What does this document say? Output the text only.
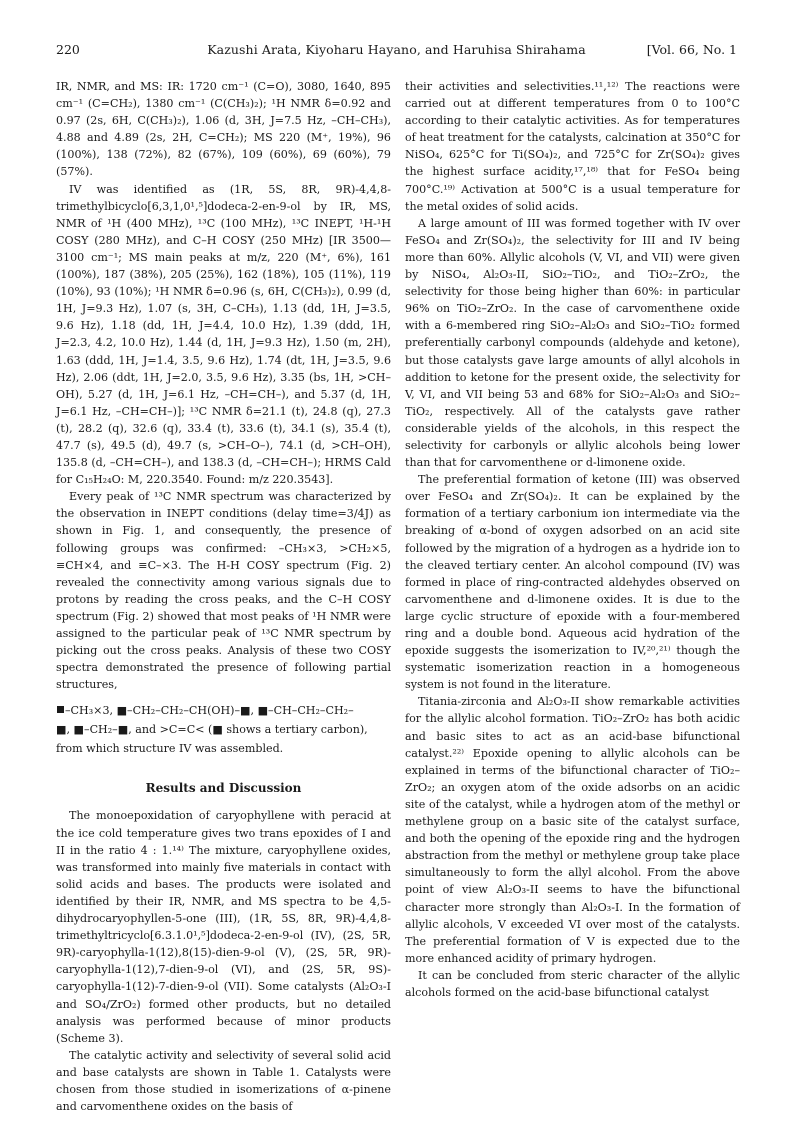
220	Kazushi Arata, Kiyoharu Hayano, and Haruhisa Shirahama	[Vol. 66, No. 1

IR, NMR, and MS: IR: 1720 cm⁻¹ (C=O), 3080, 1640, 895 cm⁻¹ (C=CH₂), 1380 cm⁻¹ (C(CH₃)₂); ¹H NMR δ=0.92 and 0.97 (2s, 6H, C(CH₃)₂), 1.06 (d, 3H, J=7.5 Hz, –CH–CH₃), 4.88 and 4.89 (2s, 2H, C=CH₂); MS 220 (M⁺, 19%), 96 (100%), 138 (72%), 82 (67%), 109 (60%), 69 (60%), 79 (57%).

IV was identified as (1R, 5S, 8R, 9R)-4,4,8-trimethylbicyclo[6,3,1,0¹,⁵]dodeca-2-en-9-ol by IR, MS, NMR of ¹H (400 MHz), ¹³C (100 MHz), ¹³C INEPT, ¹H-¹H COSY (280 MHz), and C–H COSY (250 MHz) [IR 3500—3100 cm⁻¹; MS main peaks at m/z, 220 (M⁺, 6%), 161 (100%), 187 (38%), 205 (25%), 162 (18%), 105 (11%), 119 (10%), 93 (10%); ¹H NMR δ=0.96 (s, 6H, C(CH₃)₂), 0.99 (d, 1H, J=9.3 Hz), 1.07 (s, 3H, C–CH₃), 1.13 (dd, 1H, J=3.5, 9.6 Hz), 1.18 (dd, 1H, J=4.4, 10.0 Hz), 1.39 (ddd, 1H, J=2.3, 4.2, 10.0 Hz), 1.44 (d, 1H, J=9.3 Hz), 1.50 (m, 2H), 1.63 (ddd, 1H, J=1.4, 3.5, 9.6 Hz), 1.74 (dt, 1H, J=3.5, 9.6 Hz), 2.06 (ddt, 1H, J=2.0, 3.5, 9.6 Hz), 3.35 (bs, 1H, >CH–OH), 5.27 (d, 1H, J=6.1 Hz, –CH=CH–), and 5.37 (d, 1H, J=6.1 Hz, –CH=CH–)]; ¹³C NMR δ=21.1 (t), 24.8 (q), 27.3 (t), 28.2 (q), 32.6 (q), 33.4 (t), 33.6 (t), 34.1 (s), 35.4 (t), 47.7 (s), 49.5 (d), 49.7 (s, >CH–O–), 74.1 (d, >CH–OH), 135.8 (d, –CH=CH–), and 138.3 (d, –CH=CH–); HRMS Cald for C₁₅H₂₄O: M, 220.3540. Found: m/z 220.3543].

Every peak of ¹³C NMR spectrum was characterized by the observation in INEPT conditions (delay time=3/4J) as shown in Fig. 1, and consequently, the presence of following groups was confirmed: –CH₃×3, >CH₂×5, ≡CH×4, and ≡C–×3. The H-H COSY spectrum (Fig. 2) revealed the connectivity among various signals due to protons by reading the cross peaks, and the C–H COSY spectrum (Fig. 2) showed that most peaks of ¹H NMR were assigned to the particular peak of ¹³C NMR spectrum by picking out the cross peaks. Analysis of these two COSY spectra demonstrated the presence of following partial structures,

–CH₃×3, ■–CH₂–CH₂–CH(OH)–■, ■–CH–CH₂–CH₂–
■, ■–CH₂–■, and >C=C< (■ shows a tertiary carbon),
from which structure IV was assembled.
Results and Discussion

The monoepoxidation of caryophyllene with peracid at the ice cold temperature gives two trans epoxides of I and II in the ratio 4 : 1.¹⁴⁾ The mixture, caryophyllene oxides, was transformed into mainly five materials in contact with solid acids and bases. The products were isolated and identified by their IR, NMR, and MS spectra to be 4,5-dihydrocaryophyllen-5-one (III), (1R, 5S, 8R, 9R)-4,4,8-trimethyltricyclo[6.3.1.0¹,⁵]dodeca-2-en-9-ol (IV), (2S, 5R, 9R)-caryophylla-1(12),8(15)-dien-9-ol (V), (2S, 5R, 9R)-caryophylla-1(12),7-dien-9-ol (VI), and (2S, 5R, 9S)-caryophylla-1(12)-7-dien-9-ol (VII). Some catalysts (Al₂O₃-I and SO₄/ZrO₂) formed other products, but no detailed analysis was performed because of minor products (Scheme 3).

The catalytic activity and selectivity of several solid acid and base catalysts are shown in Table 1. Catalysts were chosen from those studied in isomerizations of α-pinene and carvomenthene oxides on the basis of

their activities and selectivities.¹¹,¹²⁾ The reactions were carried out at different temperatures from 0 to 100°C according to their catalytic activities. As for temperatures of heat treatment for the catalysts, calcination at 350°C for NiSO₄, 625°C for Ti(SO₄)₂, and 725°C for Zr(SO₄)₂ gives the highest surface acidity,¹⁷,¹⁸⁾ that for FeSO₄ being 700°C.¹⁹⁾ Activation at 500°C is a usual temperature for the metal oxides of solid acids.

A large amount of III was formed together with IV over FeSO₄ and Zr(SO₄)₂, the selectivity for III and IV being more than 60%. Allylic alcohols (V, VI, and VII) were given by NiSO₄, Al₂O₃-II, SiO₂–TiO₂, and TiO₂–ZrO₂, the selectivity for those being higher than 60%: in particular 96% on TiO₂–ZrO₂. In the case of carvomenthene oxide with a 6-membered ring SiO₂–Al₂O₃ and SiO₂–TiO₂ formed preferentially carbonyl compounds (aldehyde and ketone), but those catalysts gave large amounts of allyl alcohols in addition to ketone for the present oxide, the selectivity for V, VI, and VII being 53 and 68% for SiO₂–Al₂O₃ and SiO₂–TiO₂, respectively. All of the catalysts gave rather considerable yields of the alcohols, in this respect the selectivity for carbonyls or allylic alcohols being lower than that for carvomenthene or d-limonene oxide.

The preferential formation of ketone (III) was observed over FeSO₄ and Zr(SO₄)₂. It can be explained by the formation of a tertiary carbonium ion intermediate via the breaking of α-bond of oxygen adsorbed on an acid site followed by the migration of a hydrogen as a hydride ion to the cleaved tertiary center. An alcohol compound (IV) was formed in place of ring-contracted aldehydes observed on carvomenthene and d-limonene oxides. It is due to the large cyclic structure of epoxide with a four-membered ring and a double bond. Aqueous acid hydration of the epoxide suggests the isomerization to IV,²⁰,²¹⁾ though the systematic isomerization reaction in a homogeneous system is not found in the literature.

Titania-zirconia and Al₂O₃-II show remarkable activities for the allylic alcohol formation. TiO₂–ZrO₂ has both acidic and basic sites to act as an acid-base bifunctional catalyst.²²⁾ Epoxide opening to allylic alcohols can be explained in terms of the bifunctional character of TiO₂–ZrO₂; an oxygen atom of the oxide adsorbs on an acidic site of the catalyst, while a hydrogen atom of the methyl or methylene group on a basic site of the catalyst surface, and both the opening of the epoxide ring and the hydrogen abstraction from the methyl or methylene group take place simultaneously to form the allyl alcohol. From the above point of view Al₂O₃-II seems to have the bifunctional character more strongly than Al₂O₃-I. In the formation of allylic alcohols, V exceeded VI over most of the catalysts. The preferential formation of V is expected due to the more enhanced acidity of primary hydrogen.

It can be concluded from steric character of the allylic alcohols formed on the acid-base bifunctional catalyst
